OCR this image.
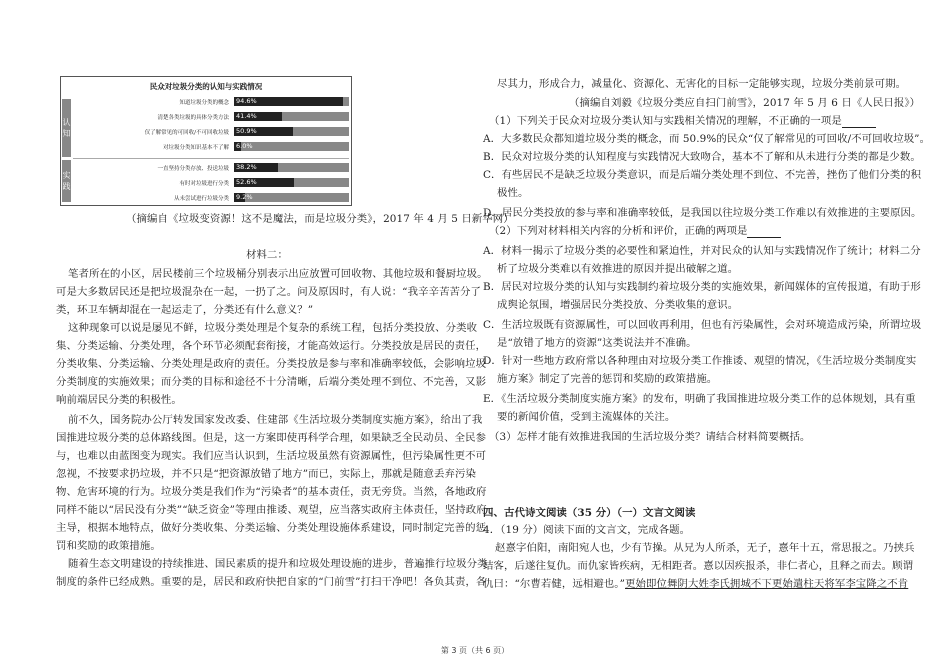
民众对垃圾分类的认知与实践情况
认知
实践
知道垃圾分类的概念 94.6%
清楚各类垃圾的具体分类方法 41.4%
仅了解常见的可回收/不可回收垃圾 50.9%
对垃圾分类知识基本不了解 6.0%
一直坚持分类存放、投送垃圾 38.2%
有时对垃圾进行分类 52.6%
从未尝试进行垃圾分类 9.2%
（摘编自《垃圾变资源！这不是魔法，而是垃圾分类》，2017 年 4 月 5 日新华网）
材料二：
笔者所在的小区，居民楼前三个垃圾桶分别表示出应放置可回收物、其他垃圾和餐厨垃圾。
可是大多数居民还是把垃圾混杂在一起，一扔了之。问及原因时，有人说：“我辛辛苦苦分了
类，环卫车辆却混在一起运走了，分类还有什么意义？”
这种现象可以说是屡见不鲜，垃圾分类处理是个复杂的系统工程，包括分类投放、分类收
集、分类运输、分类处理，各个环节必须配套衔接，才能高效运行。分类投放是居民的责任，
分类收集、分类运输、分类处理是政府的责任。分类投放是参与率和准确率较低，会影响垃圾
分类制度的实施效果；而分类的目标和途径不十分清晰，后端分类处理不到位、不完善，又影
响前端居民分类的积极性。
前不久，国务院办公厅转发国家发改委、住建部《生活垃圾分类制度实施方案》，给出了我
国推进垃圾分类的总体路线图。但是，这一方案即使再科学合理，如果缺乏全民动员、全民参
与，也难以由蓝图变为现实。我们应当认识到，生活垃圾虽然有资源属性，但污染属性更不可
忽视，不按要求扔垃圾，并不只是“把资源放错了地方”而已，实际上，那就是随意丢弃污染
物、危害环境的行为。垃圾分类是我们作为“污染者”的基本责任，责无旁贷。当然，各地政府
同样不能以“居民没有分类”“缺乏资金”等理由推诿、观望，应当落实政府主体责任，坚持政府
主导，根据本地特点，做好分类收集、分类运输、分类处理设施体系建设，同时制定完善的惩
罚和奖励的政策措施。
随着生态文明建设的持续推进、国民素质的提升和垃圾处理设施的进步，普遍推行垃圾分类
制度的条件已经成熟。重要的是，居民和政府快把自家的“门前雪”打扫干净吧！各负其责，各
尽其力，形成合力，减量化、资源化、无害化的目标一定能够实现，垃圾分类前景可期。
（摘编自刘毅《垃圾分类应自扫门前雪》，2017 年 5 月 6 日《人民日报》）
（1）下列关于民众对垃圾分类认知与实践相关情况的理解，不正确的一项是
A．大多数民众都知道垃圾分类的概念，而 50.9%的民众“仅了解常见的可回收/不可回收垃圾”。
B．民众对垃圾分类的认知程度与实践情况大致吻合，基本不了解和从未进行分类的都是少数。
C．有些居民不是缺乏垃圾分类意识，而是后端分类处理不到位、不完善，挫伤了他们分类的积
极性。
D．居民分类投放的参与率和准确率较低，是我国以往垃圾分类工作难以有效推进的主要原因。
（2）下列对材料相关内容的分析和评价，正确的两项是
A．材料一揭示了垃圾分类的必要性和紧迫性，并对民众的认知与实践情况作了统计；材料二分
析了垃圾分类难以有效推进的原因并提出破解之道。
B．居民对垃圾分类的认知与实践制约着垃圾分类的实施效果，新闻媒体的宣传报道，有助于形
成舆论氛围，增强居民分类投放、分类收集的意识。
C．生活垃圾既有资源属性，可以回收再利用，但也有污染属性，会对环境造成污染，所谓垃圾
是“放错了地方的资源”这类说法并不准确。
D．针对一些地方政府常以各种理由对垃圾分类工作推诿、观望的情况，《生活垃圾分类制度实
施方案》制定了完善的惩罚和奖励的政策措施。
E．《生活垃圾分类制度实施方案》的发布，明确了我国推进垃圾分类工作的总体规划，具有重
要的新闻价值，受到主流媒体的关注。
（3）怎样才能有效推进我国的生活垃圾分类？请结合材料简要概括。
四、古代诗文阅读（35 分）（一）文言文阅读
4．（19 分）阅读下面的文言文，完成各题。
赵憙字伯阳，南阳宛人也，少有节操。从兄为人所杀，无子，憙年十五，常思报之。乃挟兵
结客，后遂往复仇。而仇家皆疾病，无相距者。憙以因疾报杀，非仁者心，且释之而去。顾谓
仇曰：“尔曹若健，远相避也。”更始即位舞阴大姓李氏拥城不下更始遣柱天将军李宝降之不肯
第 3 页（共 6 页）
